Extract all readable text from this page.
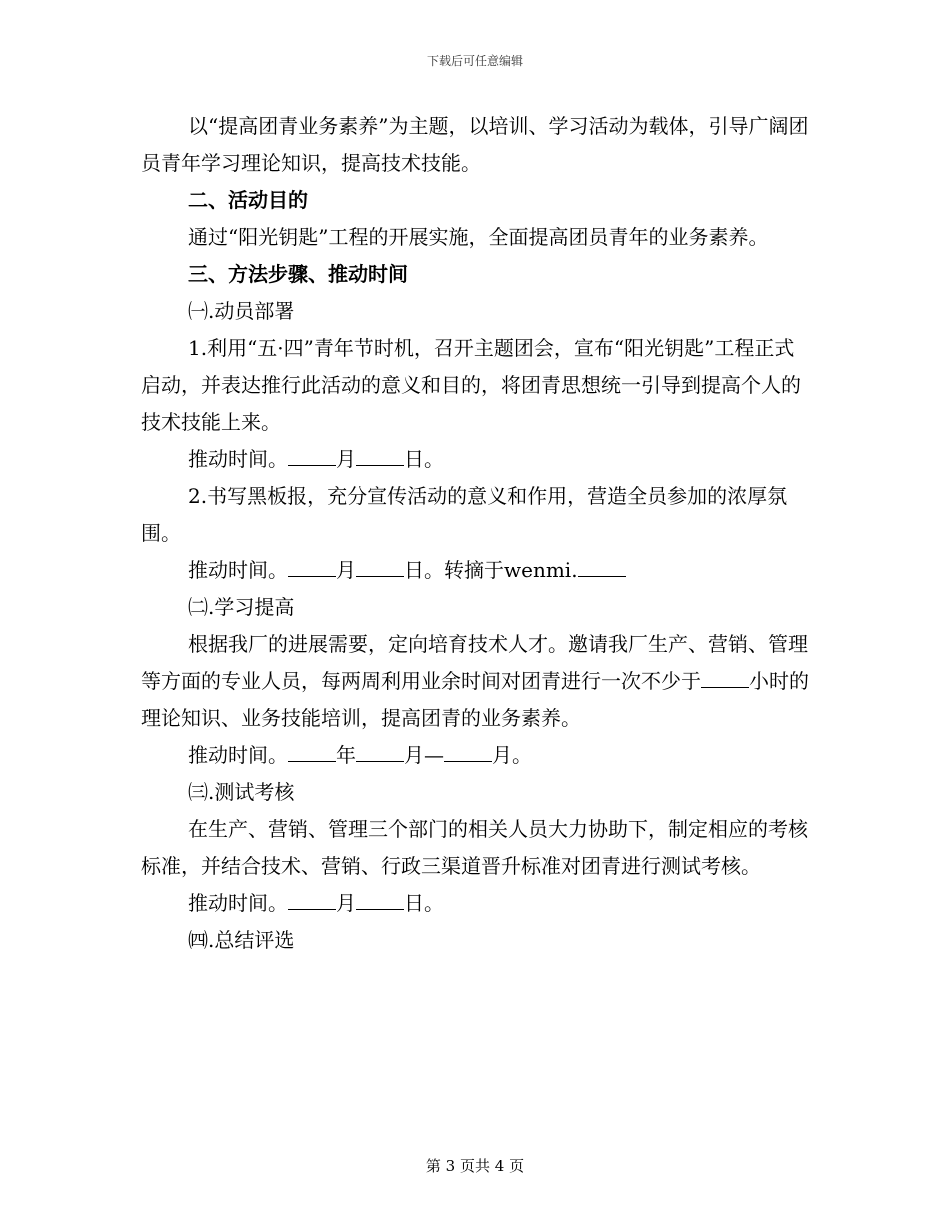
下载后可任意编辑

以“提高团青业务素养”为主题，以培训、学习活动为载体，引导广阔团员青年学习理论知识，提高技术技能。

二、活动目的

通过“阳光钥匙”工程的开展实施，全面提高团员青年的业务素养。

三、方法步骤、推动时间

㈠.动员部署

1.利用“五·四”青年节时机，召开主题团会，宣布“阳光钥匙”工程正式启动，并表达推行此活动的意义和目的，将团青思想统一引导到提高个人的技术技能上来。

推动时间。 月 日。

2.书写黑板报，充分宣传活动的意义和作用，营造全员参加的浓厚氛围。

推动时间。 月 日。转摘于wenmi.

㈡.学习提高

根据我厂的进展需要，定向培育技术人才。邀请我厂生产、营销、管理等方面的专业人员，每两周利用业余时间对团青进行一次不少于 小时的理论知识、业务技能培训，提高团青的业务素养。

推动时间。 年 月— 月。

㈢.测试考核

在生产、营销、管理三个部门的相关人员大力协助下，制定相应的考核标准，并结合技术、营销、行政三渠道晋升标准对团青进行测试考核。

推动时间。 月 日。

㈣.总结评选

第 3 页共 4 页
